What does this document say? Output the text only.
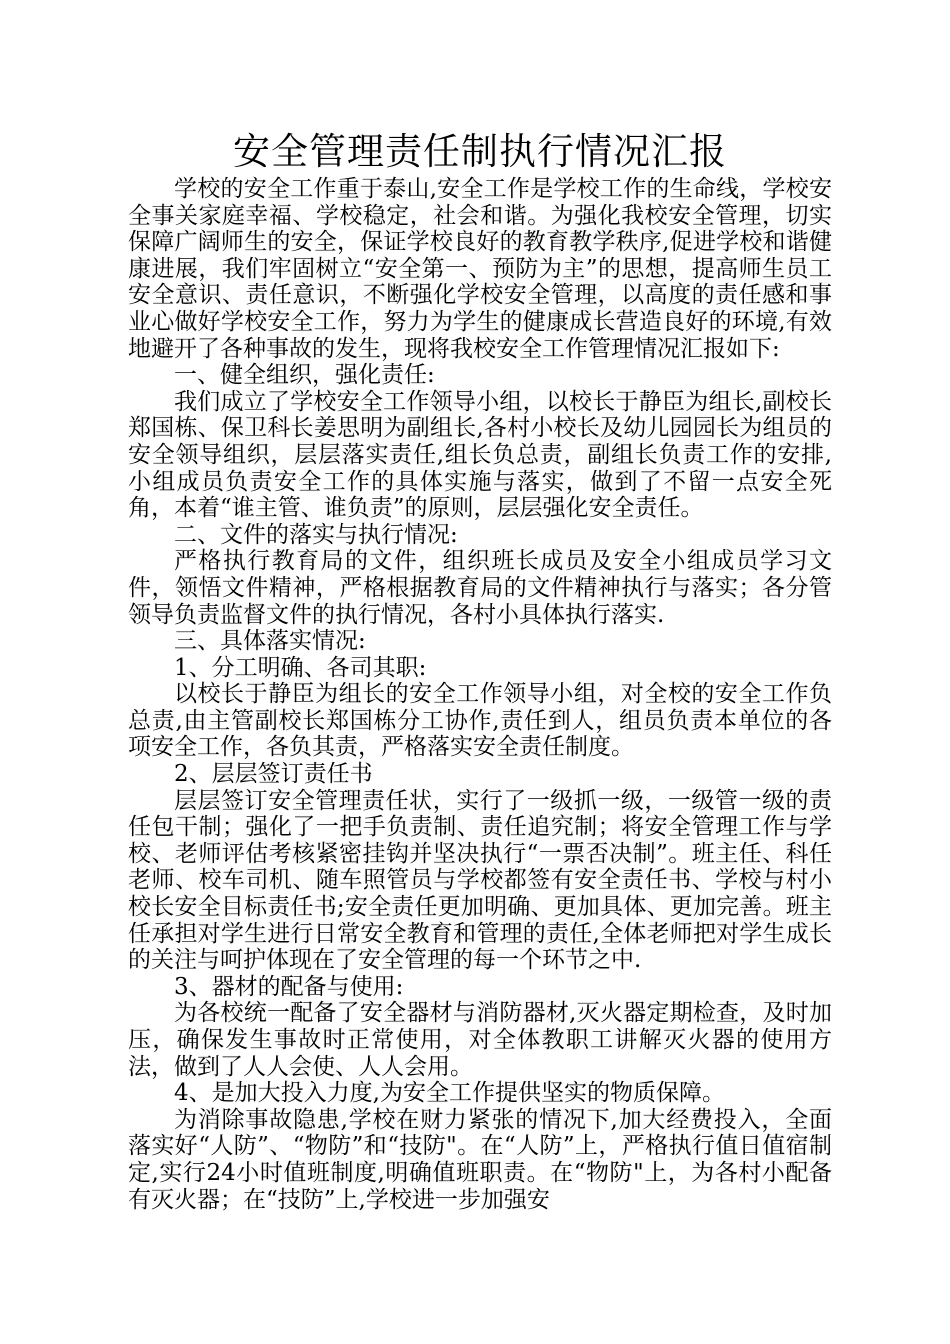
安全管理责任制执行情况汇报

学校的安全工作重于泰山,安全工作是学校工作的生命线，学校安全事关家庭幸福、学校稳定，社会和谐。为强化我校安全管理，切实保障广阔师生的安全，保证学校良好的教育教学秩序,促进学校和谐健康进展，我们牢固树立“安全第一、预防为主”的思想，提高师生员工安全意识、责任意识，不断强化学校安全管理，以高度的责任感和事业心做好学校安全工作，努力为学生的健康成长营造良好的环境,有效地避开了各种事故的发生，现将我校安全工作管理情况汇报如下:

一、健全组织，强化责任:

我们成立了学校安全工作领导小组，以校长于静臣为组长,副校长郑国栋、保卫科长姜思明为副组长,各村小校长及幼儿园园长为组员的安全领导组织，层层落实责任,组长负总责，副组长负责工作的安排,小组成员负责安全工作的具体实施与落实，做到了不留一点安全死角，本着“谁主管、谁负责”的原则，层层强化安全责任。

二、文件的落实与执行情况:

严格执行教育局的文件，组织班长成员及安全小组成员学习文件，领悟文件精神，严格根据教育局的文件精神执行与落实；各分管领导负责监督文件的执行情况，各村小具体执行落实.

三、具体落实情况:

1、分工明确、各司其职:

以校长于静臣为组长的安全工作领导小组，对全校的安全工作负总责,由主管副校长郑国栋分工协作,责任到人，组员负责本单位的各项安全工作，各负其责，严格落实安全责任制度。

2、层层签订责任书

层层签订安全管理责任状，实行了一级抓一级，一级管一级的责任包干制；强化了一把手负责制、责任追究制；将安全管理工作与学校、老师评估考核紧密挂钩并坚决执行“一票否决制”。班主任、科任老师、校车司机、随车照管员与学校都签有安全责任书、学校与村小校长安全目标责任书;安全责任更加明确、更加具体、更加完善。班主任承担对学生进行日常安全教育和管理的责任,全体老师把对学生成长的关注与呵护体现在了安全管理的每一个环节之中.

3、器材的配备与使用:

为各校统一配备了安全器材与消防器材,灭火器定期检查，及时加压，确保发生事故时正常使用，对全体教职工讲解灭火器的使用方法，做到了人人会使、人人会用。

4、是加大投入力度,为安全工作提供坚实的物质保障。

为消除事故隐患,学校在财力紧张的情况下,加大经费投入，全面落实好“人防”、“物防”和“技防"。在“人防”上，严格执行值日值宿制定,实行24小时值班制度,明确值班职责。在“物防"上，为各村小配备有灭火器；在“技防”上,学校进一步加强安
